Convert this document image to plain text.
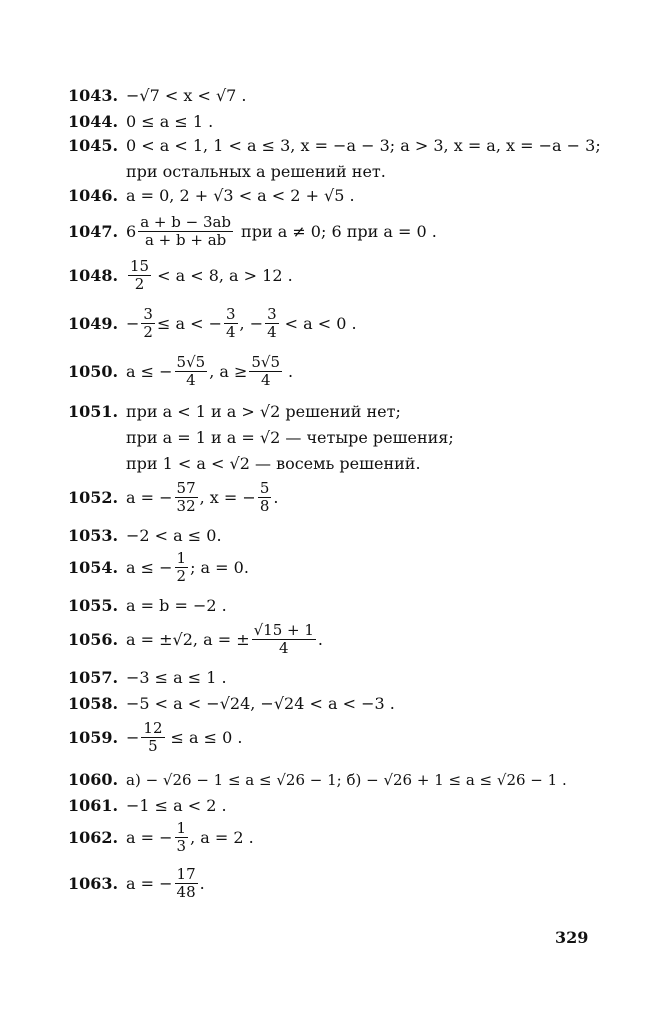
1043. −√7 < x < √7 .
1044. 0 ≤ a ≤ 1 .
1045. 0 < a < 1, 1 < a ≤ 3, x = −a − 3; a > 3, x = a, x = −a − 3;
при остальных a решений нет.
1046. a = 0, 2 + √3 < a < 2 + √5 .
1047. $6 \frac{a + b - 3ab}{a + b + ab}$ при a ≠ 0; 6 при a = 0 .
1048. $\frac{15}{2} < a < 8$, a > 12 .
1049. − $\frac{3}{2} \le a$ < − $\frac{3}{4}$ , − $\frac{3}{4} < a < 0$ .
1050. a ≤ − $\frac{5√5}{4}$ , $a \ge \frac{5√5}{4}$ .
1051. при a < 1 и a > √2 решений нет;
при a = 1 и a = √2 — четыре решения;
при 1 < a < √2 — восемь решений.
1052. a = − $\frac{57}{32}$ , x = − $\frac{5}{8}$ .
1053. −2 < a ≤ 0.
1054. a ≤ − $\frac{1}{2}$ ; a = 0.
1055. a = b = −2 .
1056. a = ±√2, a = ± $\frac{√15 + 1}{4}$ .
1057. −3 ≤ a ≤ 1 .
1058. −5 < a < −√24, −√24 < a < −3 .
1059. − $\frac{12}{5} \le a \le 0$ .
1060. а) − √26 − 1 ≤ a ≤ √26 − 1; б) − √26 + 1 ≤ a ≤ √26 − 1 .
1061. −1 ≤ a < 2 .
1062. a = − $\frac{1}{3}$ , a = 2 .
1063. a = − $\frac{17}{48}$ .
329
